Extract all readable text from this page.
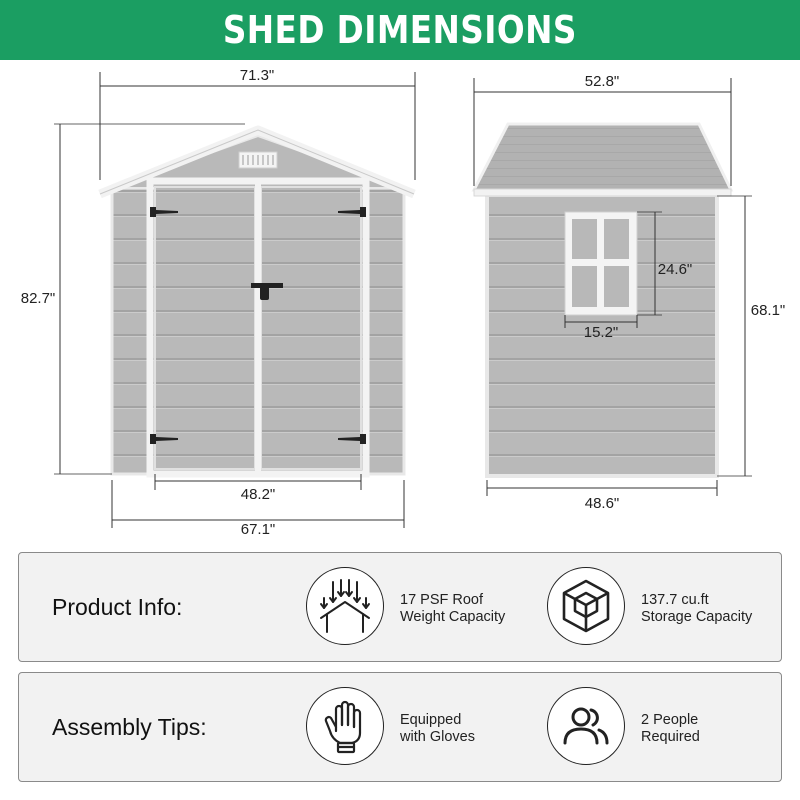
SHED DIMENSIONS
71.3"
82.7"
48.2"
67.1"
52.8"
68.1"
24.6"
15.2"
48.6"
Product Info:	17 PSF Roof
Weight Capacity
137.7 cu.ft
Storage Capacity
Assembly Tips:	Equipped
with Gloves
2 People
Required
